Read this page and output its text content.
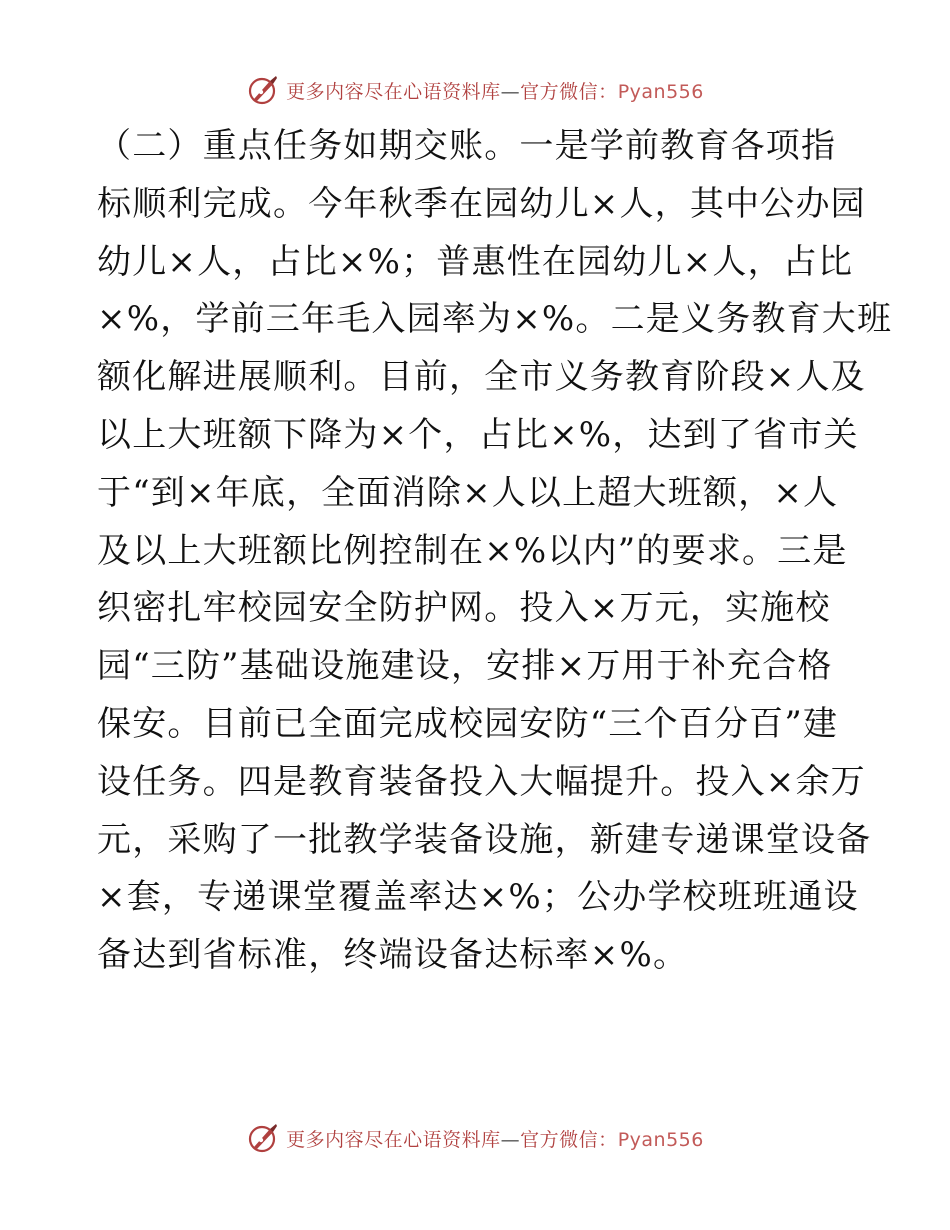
更多内容尽在心语资料库—官方微信：Pyan556
（二）重点任务如期交账。一是学前教育各项指
标顺利完成。今年秋季在园幼儿×人，其中公办园
幼儿×人，占比×%；普惠性在园幼儿×人，占比
×%，学前三年毛入园率为×%。二是义务教育大班
额化解进展顺利。目前，全市义务教育阶段×人及
以上大班额下降为×个，占比×%，达到了省市关
于“到×年底，全面消除×人以上超大班额，×人
及以上大班额比例控制在×%以内”的要求。三是
织密扎牢校园安全防护网。投入×万元，实施校
园“三防”基础设施建设，安排×万用于补充合格
保安。目前已全面完成校园安防“三个百分百”建
设任务。四是教育装备投入大幅提升。投入×余万
元，采购了一批教学装备设施，新建专递课堂设备
×套，专递课堂覆盖率达×%；公办学校班班通设
备达到省标准，终端设备达标率×%。
更多内容尽在心语资料库—官方微信：Pyan556
